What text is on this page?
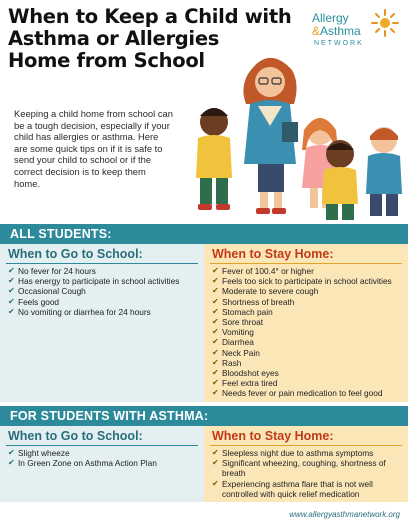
When to Keep a Child with
Asthma or Allergies
Home from School
Allergy
&Asthma
NETWORK
Keeping a child home from school can be a tough decision, especially if your child has allergies or asthma. Here are some quick tips on if it is safe to send your child to school or if the correct decision is to keep them home.
ALL STUDENTS:
When to Go to School:
✔ No fever for 24 hours
✔ Has energy to participate in school activities
✔ Occasional Cough
✔ Feels good
✔ No vomiting or diarrhea for 24 hours
When to Stay Home:
✔ Fever of 100.4° or higher
✔ Feels too sick to participate in school activities
✔ Moderate to severe cough
✔ Shortness of breath
✔ Stomach pain
✔ Sore throat
✔ Vomiting
✔ Diarrhea
✔ Neck Pain
✔ Rash
✔ Bloodshot eyes
✔ Feel extra tired
✔ Needs fever or pain medication to feel good
FOR STUDENTS WITH ASTHMA:
When to Go to School:
✔ Slight wheeze
✔ In Green Zone on Asthma Action Plan
When to Stay Home:
✔ Sleepless night due to asthma symptoms
✔ Significant wheezing, coughing, shortness of breath
✔ Experiencing asthma flare that is not well controlled with quick relief medication
www.allergyasthmanetwork.org
